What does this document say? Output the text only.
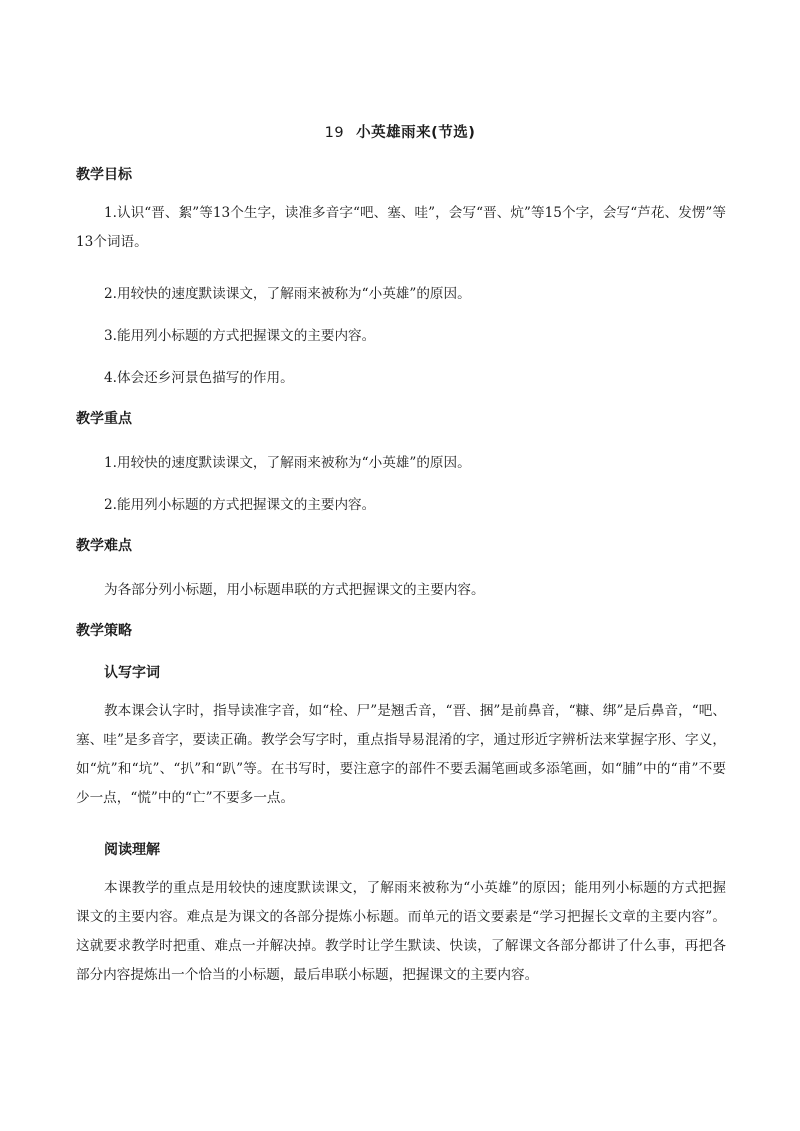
19 小英雄雨来(节选)
教学目标
1.认识“晋、絮”等13个生字，读准多音字“吧、塞、哇”，会写“晋、炕”等15个字，会写“芦花、发愣”等13个词语。
2.用较快的速度默读课文，了解雨来被称为“小英雄”的原因。
3.能用列小标题的方式把握课文的主要内容。
4.体会还乡河景色描写的作用。
教学重点
1.用较快的速度默读课文，了解雨来被称为“小英雄”的原因。
2.能用列小标题的方式把握课文的主要内容。
教学难点
为各部分列小标题，用小标题串联的方式把握课文的主要内容。
教学策略
认写字词
教本课会认字时，指导读准字音，如“栓、尸”是翘舌音，“晋、捆”是前鼻音，“糠、绑”是后鼻音，“吧、塞、哇”是多音字，要读正确。教学会写字时，重点指导易混淆的字，通过形近字辨析法来掌握字形、字义，如“炕”和“坑”、“扒”和“趴”等。在书写时，要注意字的部件不要丢漏笔画或多添笔画，如“脯”中的“甫”不要少一点，“慌”中的“亡”不要多一点。
阅读理解
本课教学的重点是用较快的速度默读课文，了解雨来被称为“小英雄”的原因；能用列小标题的方式把握课文的主要内容。难点是为课文的各部分提炼小标题。而单元的语文要素是“学习把握长文章的主要内容”。这就要求教学时把重、难点一并解决掉。教学时让学生默读、快读，了解课文各部分都讲了什么事，再把各部分内容提炼出一个恰当的小标题，最后串联小标题，把握课文的主要内容。
